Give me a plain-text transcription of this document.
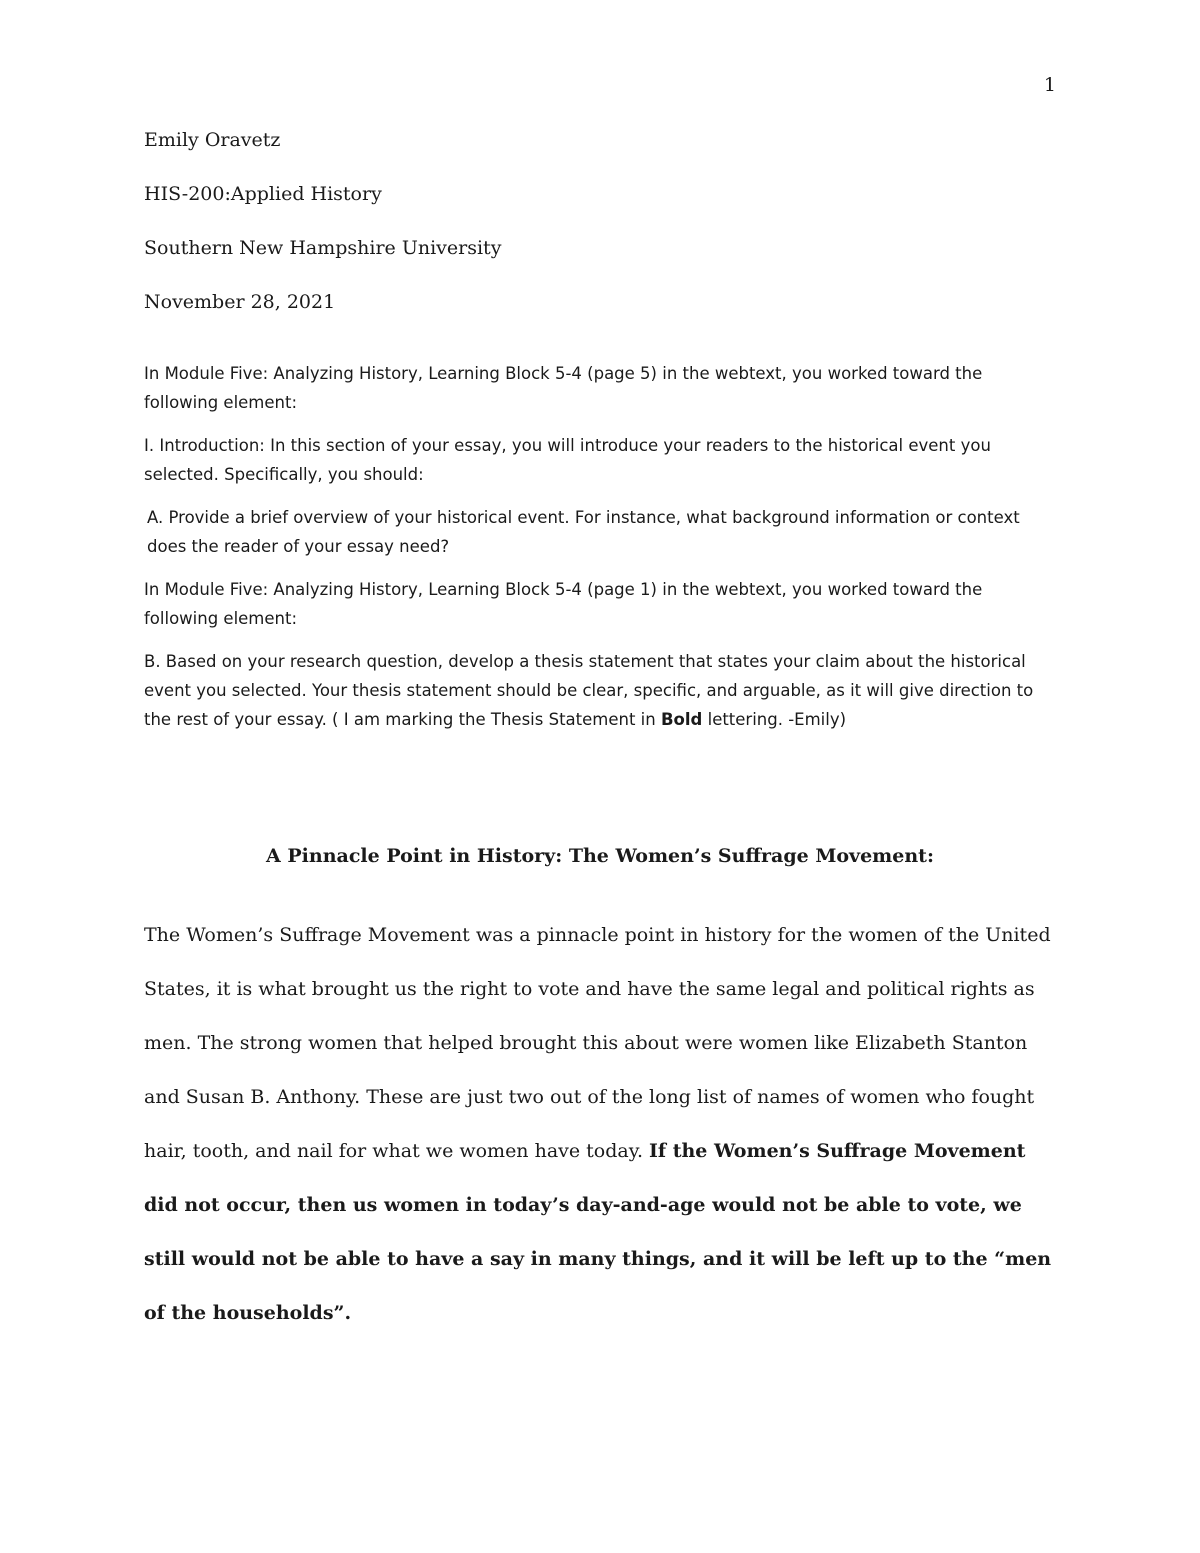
1
Emily Oravetz
HIS-200:Applied History
Southern New Hampshire University
November 28, 2021

In Module Five: Analyzing History, Learning Block 5-4 (page 5) in the webtext, you worked toward the following element:

I. Introduction: In this section of your essay, you will introduce your readers to the historical event you selected. Specifically, you should:

A. Provide a brief overview of your historical event. For instance, what background information or context does the reader of your essay need?

In Module Five: Analyzing History, Learning Block 5-4 (page 1) in the webtext, you worked toward the following element:

B. Based on your research question, develop a thesis statement that states your claim about the historical event you selected. Your thesis statement should be clear, specific, and arguable, as it will give direction to the rest of your essay. ( I am marking the Thesis Statement in Bold lettering. -Emily)

A Pinnacle Point in History: The Women’s Suffrage Movement:
The Women’s Suffrage Movement was a pinnacle point in history for the women of the United States, it is what brought us the right to vote and have the same legal and political rights as men. The strong women that helped brought this about were women like Elizabeth Stanton and Susan B. Anthony. These are just two out of the long list of names of women who fought hair, tooth, and nail for what we women have today. If the Women’s Suffrage Movement did not occur, then us women in today’s day-and-age would not be able to vote, we still would not be able to have a say in many things, and it will be left up to the “men of the households”.
